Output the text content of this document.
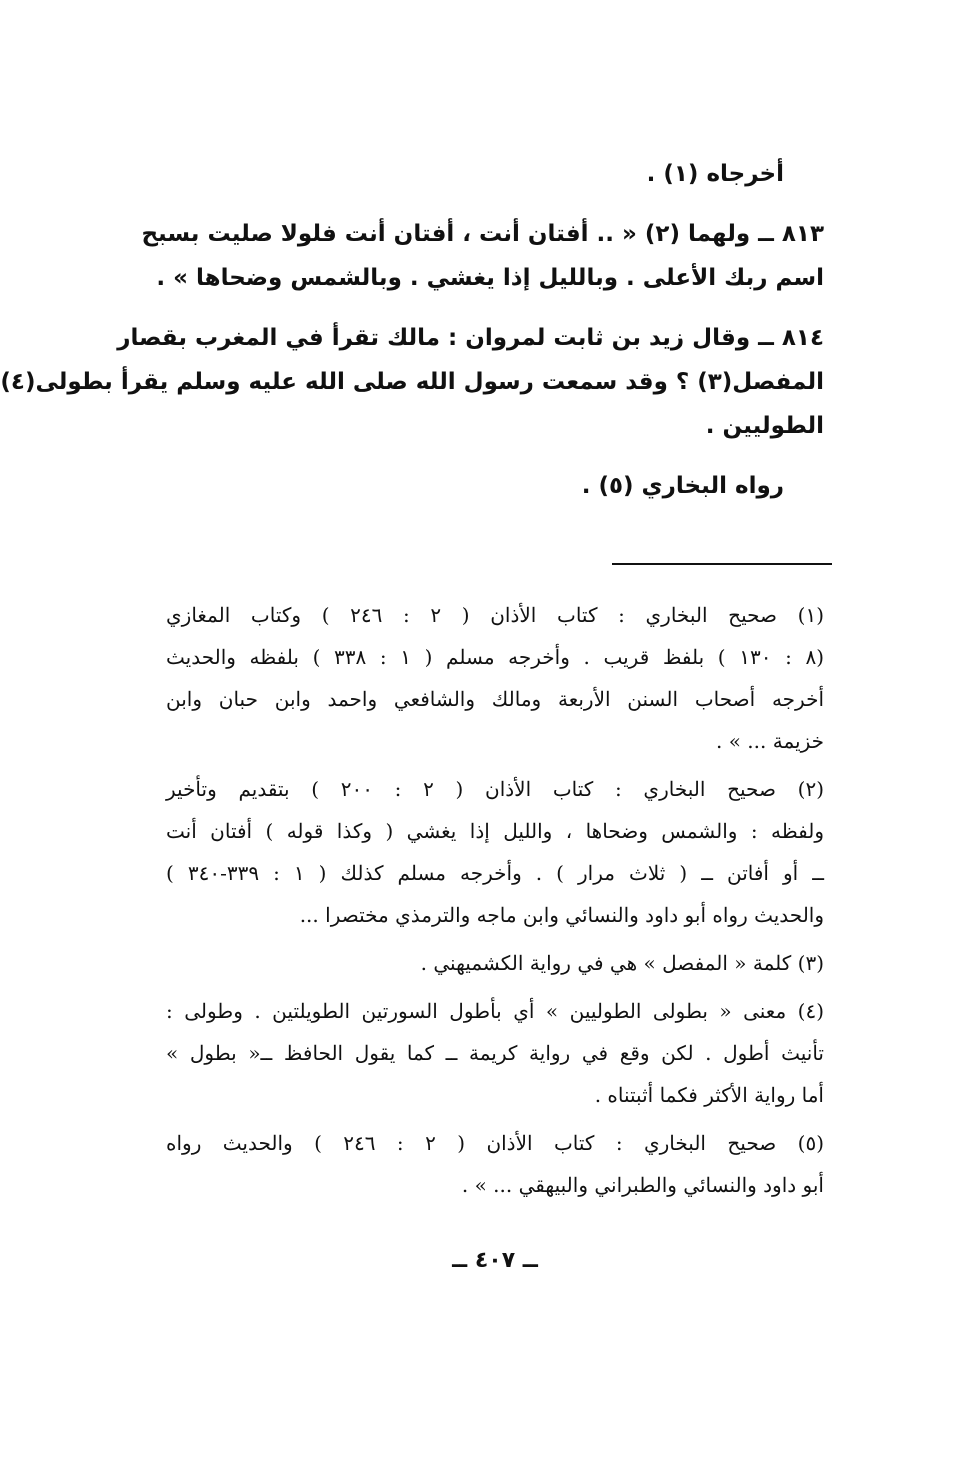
أخرجاه (١) .
٨١٣ ــ ولهما (٢) « .. أفتان أنت ، أفتان أنت فلولا صليت بسبح
اسم ربك الأعلى . وبالليل إذا يغشي . وبالشمس وضحاها » .
٨١٤ ــ وقال زيد بن ثابت لمروان : مالك تقرأ في المغرب بقصار
المفصل(٣) ؟ وقد سمعت رسول الله صلى الله عليه وسلم يقرأ بطولى(٤)
الطوليين .
رواه البخاري (٥) .
(١) صحيح البخاري : كتاب الأذان ( ٢ : ٢٤٦ ) وكتاب المغازي
(٨ : ١٣٠ ) بلفظ قريب . وأخرجه مسلم ( ١ : ٣٣٨ ) بلفظه والحديث
أخرجه أصحاب السنن الأربعة ومالك والشافعي واحمد وابن حبان وابن
خزيمة ... » .
(٢) صحيح البخاري : كتاب الأذان ( ٢ : ٢٠٠ ) بتقديم وتأخير
ولفظه : والشمس وضحاها ، والليل إذا يغشي ( وكذا قوله ) أفتان أنت
ــ أو أفاتن ــ ( ثلاث مرار ) . وأخرجه مسلم كذلك ( ١ : ٣٣٩-٣٤٠ )
والحديث رواه أبو داود والنسائي وابن ماجه والترمذي مختصرا ...
(٣) كلمة « المفصل » هي في رواية الكشميهني .
(٤) معنى « بطولى الطوليين » أي بأطول السورتين الطويلتين . وطولى :
تأنيث أطول . لكن وقع في رواية كريمة ــ كما يقول الحافظ ــ« بطول »
أما رواية الأكثر فكما أثبتناه .
(٥) صحيح البخاري : كتاب الأذان ( ٢ : ٢٤٦ ) والحديث رواه
أبو داود والنسائي والطبراني والبيهقي ... » .
ــ ٤٠٧ ــ
